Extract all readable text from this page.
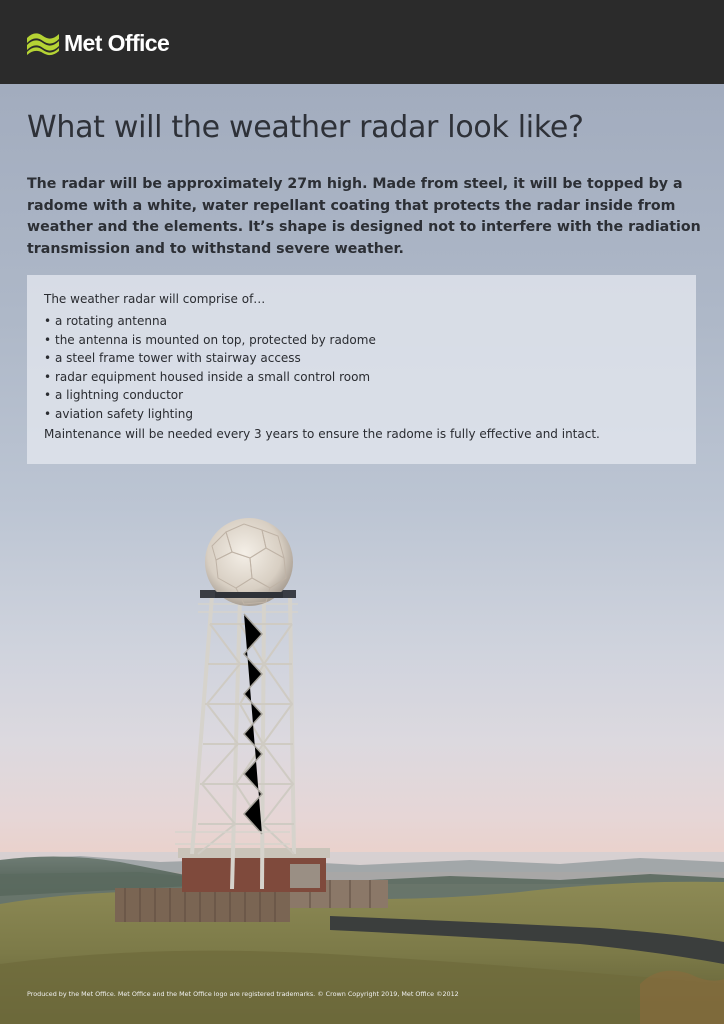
Met Office
What will the weather radar look like?

The radar will be approximately 27m high. Made from steel, it will be topped by a radome with a white, water repellant coating that protects the radar inside from weather and the elements. It’s shape is designed not to interfere with the radiation transmission and to withstand severe weather.

The weather radar will comprise of…

• a rotating antenna
• the antenna is mounted on top, protected by radome
• a steel frame tower with stairway access
• radar equipment housed inside a small control room
• a lightning conductor
• aviation safety lighting

Maintenance will be needed every 3 years to ensure the radome is fully effective and intact.

Produced by the Met Office. Met Office and the Met Office logo are registered trademarks. © Crown Copyright 2019, Met Office ©2012
